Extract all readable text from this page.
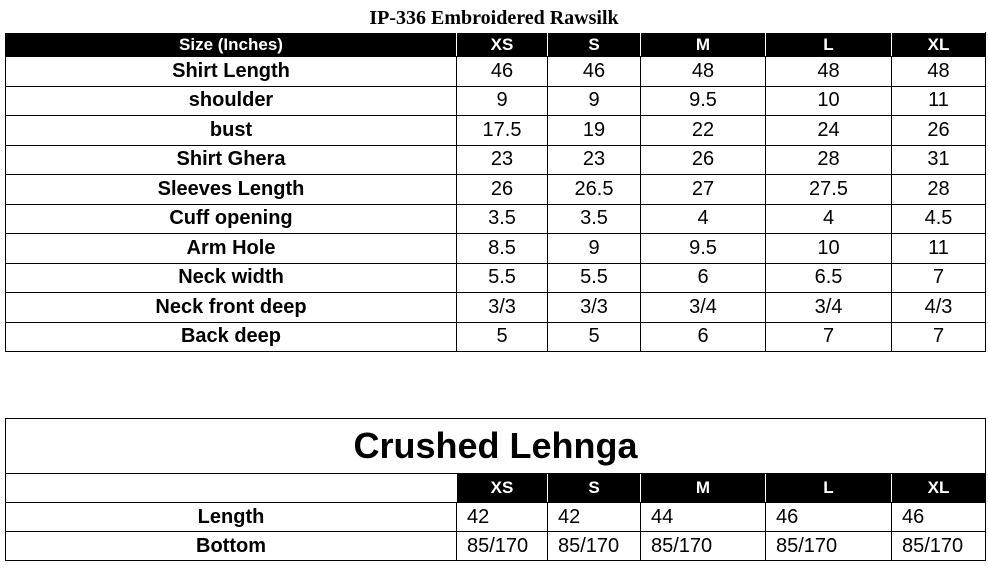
IP-336 Embroidered Rawsilk
Size (Inches)	XS	S	M	L	XL
Shirt Length	46	46	48	48	48
shoulder	9	9	9.5	10	11
bust	17.5	19	22	24	26
Shirt Ghera	23	23	26	28	31
Sleeves Length	26	26.5	27	27.5	28
Cuff opening	3.5	3.5	4	4	4.5
Arm Hole	8.5	9	9.5	10	11
Neck width	5.5	5.5	6	6.5	7
Neck front deep	3/3	3/3	3/4	3/4	4/3
Back deep	5	5	6	7	7
Crushed Lehnga					
	XS	S	M	L	XL
Length	42	42	44	46	46
Bottom	85/170	85/170	85/170	85/170	85/170
